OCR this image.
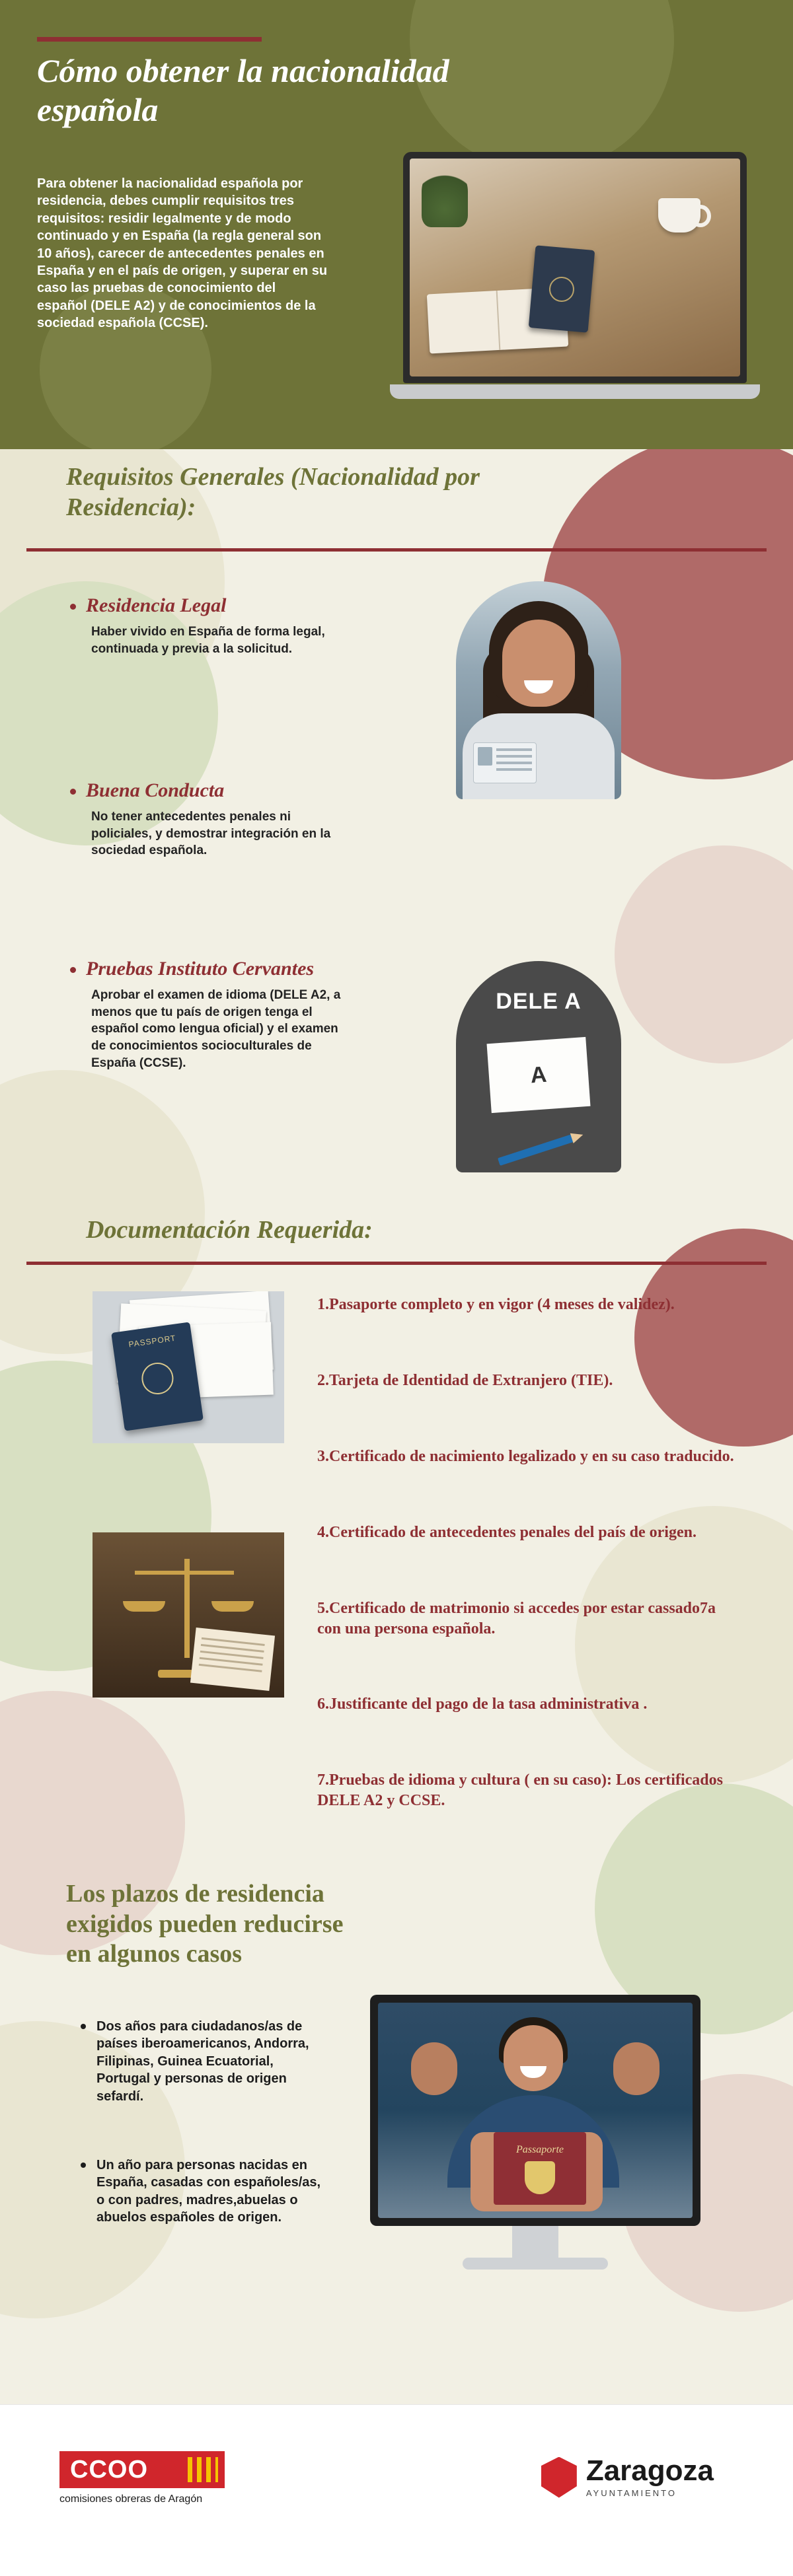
Cómo obtener la nacionalidad española
Para obtener la nacionalidad española por residencia, debes cumplir requisitos tres requisitos: residir legalmente y de modo continuado y en España (la regla general son 10 años), carecer de antecedentes penales en España y en el país de origen, y superar en su caso las pruebas de conocimiento del español (DELE A2) y de conocimientos de la sociedad española (CCSE).
Requisitos Generales (Nacionalidad por Residencia):
Residencia Legal
Haber vivido en España de forma legal, continuada y previa a la solicitud.
Buena Conducta
No tener antecedentes penales ni policiales, y demostrar integración en la sociedad española.
Pruebas Instituto Cervantes
Aprobar el examen de idioma (DELE A2, a menos que tu país de origen tenga el español como lengua oficial) y el examen de conocimientos socioculturales de España (CCSE).
DELE A
A
Documentación Requerida:
PASSPORT
1.Pasaporte completo y en vigor (4 meses de validez).
2.Tarjeta de Identidad de Extranjero (TIE).
3.Certificado de nacimiento legalizado y en su caso traducido.
4.Certificado de antecedentes penales del país de origen.
5.Certificado de matrimonio si accedes por estar cassado7a con una persona española.
6.Justificante del pago de la tasa administrativa .
7.Pruebas de idioma y cultura ( en su caso): Los certificados DELE A2 y CCSE.
Los plazos de residencia exigidos pueden reducirse en algunos casos
Dos años para ciudadanos/as de países iberoamericanos, Andorra, Filipinas, Guinea Ecuatorial, Portugal y personas de origen sefardí.
Un año para personas nacidas en España, casadas con españoles/as, o con padres, madres,abuelas o abuelos españoles de origen.
Passaporte
CCOO
comisiones obreras de Aragón
Zaragoza
AYUNTAMIENTO
